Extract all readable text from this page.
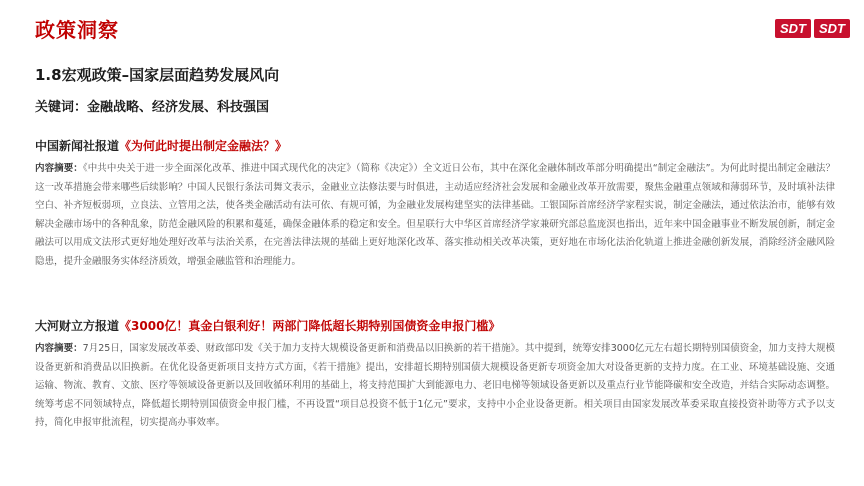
政策洞察	SDT	SDT
1.8宏观政策–国家层面趋势发展风向
关键词：金融战略、经济发展、科技强国
中国新闻社报道《为何此时提出制定金融法？》

内容摘要：《中共中央关于进一步全面深化改革、推进中国式现代化的决定》（简称《决定》）全文近日公布，其中在深化金融体制改革部分明确提出“制定金融法”。为何此时提出制定金融法？这一改革措施会带来哪些后续影响？中国人民银行条法司舞文表示，金融业立法修法要与时俱进，主动适应经济社会发展和金融业改革开放需要，聚焦金融重点领域和薄弱环节，及时填补法律空白、补齐短板弱项，立良法、立管用之法，使各类金融活动有法可依、有规可循，为金融业发展构建坚实的法律基础。工银国际首席经济学家程实说，制定金融法，通过依法治市，能够有效解决金融市场中的各种乱象，防范金融风险的积累和蔓延，确保金融体系的稳定和安全。但星联行大中华区首席经济学家兼研究部总监庞溟也指出，近年来中国金融事业不断发展创新，制定金融法可以用成文法形式更好地处理好改革与法治关系，在完善法律法规的基础上更好地深化改革、落实推动相关改革决策，更好地在市场化法治化轨道上推进金融创新发展，消除经济金融风险隐患，提升金融服务实体经济质效，增强金融监管和治理能力。

大河财立方报道《3000亿！真金白银利好！两部门降低超长期特别国债资金申报门槛》

内容摘要：7月25日，国家发展改革委、财政部印发《关于加力支持大规模设备更新和消费品以旧换新的若干措施》。其中提到，统筹安排3000亿元左右超长期特别国债资金，加力支持大规模设备更新和消费品以旧换新。在优化设备更新项目支持方式方面，《若干措施》提出，安排超长期特别国债大规模设备更新专项资金加大对设备更新的支持力度。在工业、环境基础设施、交通运输、物流、教育、文旅、医疗等领域设备更新以及回收循环利用的基础上，将支持范围扩大到能源电力、老旧电梯等领域设备更新以及重点行业节能降碳和安全改造，并结合实际动态调整。统筹考虑不同领域特点，降低超长期特别国债资金申报门槛，不再设置“项目总投资不低于1亿元”要求，支持中小企业设备更新。相关项目由国家发展改革委采取直接投资补助等方式予以支持，简化申报审批流程，切实提高办事效率。
